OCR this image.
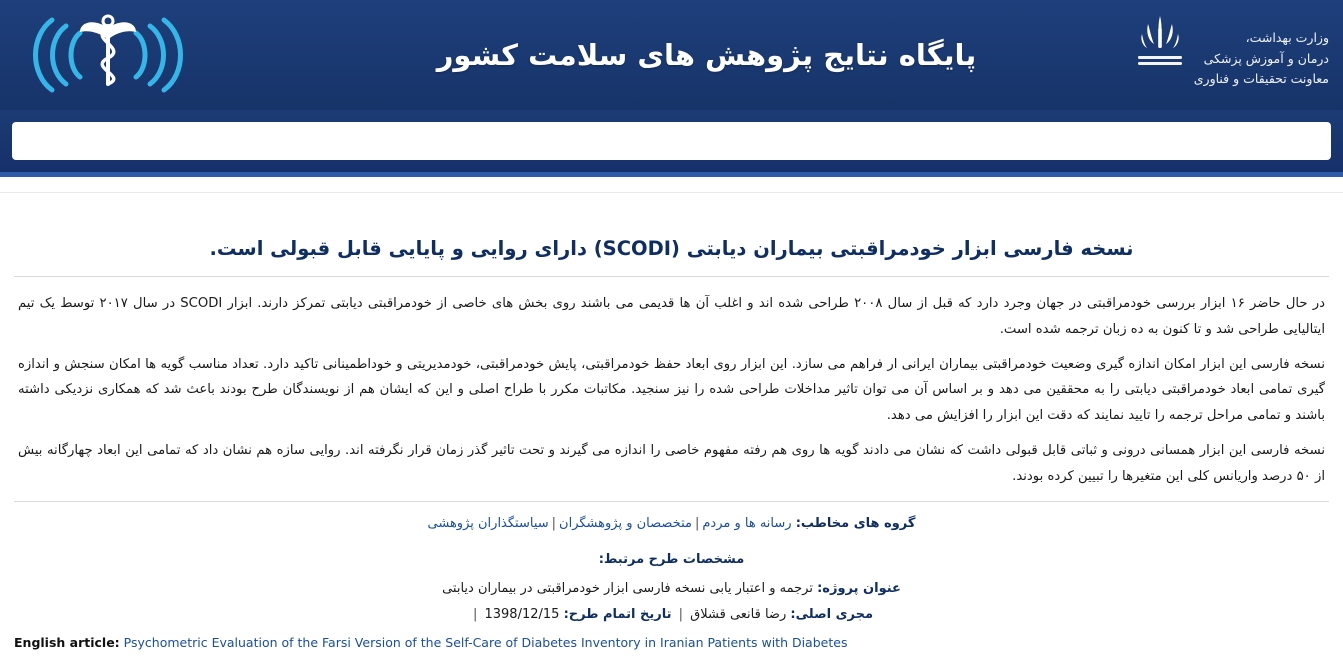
وزارت بهداشت،
درمان و آموزش پزشکی
معاونت تحقیقات و فناوری
پایگاه نتایج پژوهش های سلامت کشور
نسخه فارسی ابزار خودمراقبتی بیماران دیابتی (SCODI) دارای روایی و پایایی قابل قبولی است.

در حال حاضر ۱۶ ابزار بررسی خودمراقبتی در جهان وجرد دارد که قبل از سال ۲۰۰۸ طراحی شده اند و اغلب آن ها قدیمی می باشند روی بخش های خاصی از خودمراقبتی دیابتی تمرکز دارند. ابزار SCODI در سال ۲۰۱۷ توسط یک تیم ایتالیایی طراحی شد و تا کنون به ده زبان ترجمه شده است.

نسخه فارسی این ابزار امکان اندازه گیری وضعیت خودمراقبتی بیماران ایرانی ار فراهم می سازد. این ابزار روی ابعاد حفظ خودمراقبتی، پایش خودمراقبتی، خودمدیریتی و خوداطمینانی تاکید دارد. تعداد مناسب گویه ها امکان سنجش و اندازه گیری تمامی ابعاد خودمراقبتی دیابتی را به محققین می دهد و بر اساس آن می توان تاثیر مداخلات طراحی شده را نیز سنجید. مکاتبات مکرر با طراح اصلی و این که ایشان هم از نویسندگان طرح بودند باعث شد که همکاری نزدیکی داشته باشند و تمامی مراحل ترجمه را تایید نمایند که دقت این ابزار را افزایش می دهد.

نسخه فارسی این ابزار همسانی درونی و ثباتی قابل قبولی داشت که نشان می دادند گویه ها روی هم رفته مفهوم خاصی را اندازه می گیرند و تحت تاثیر گذر زمان قرار نگرفته اند. روایی سازه هم نشان داد که تمامی این ابعاد چهارگانه بیش از ۵۰ درصد واریانس کلی این متغیرها را تبیین کرده بودند.

گروه های مخاطب: رسانه ها و مردم|متخصصان و پژوهشگران|سیاستگذاران پژوهشی
مشخصات طرح مرتبط:
عنوان پروژه: ترجمه و اعتبار یابی نسخه فارسی ابزار خودمراقبتی در بیماران دیابتی
مجری اصلی: رضا قانعی قشلاق | تاریخ اتمام طرح: 1398/12/15 |
English article: Psychometric Evaluation of the Farsi Version of the Self-Care of Diabetes Inventory in Iranian Patients with Diabetes
